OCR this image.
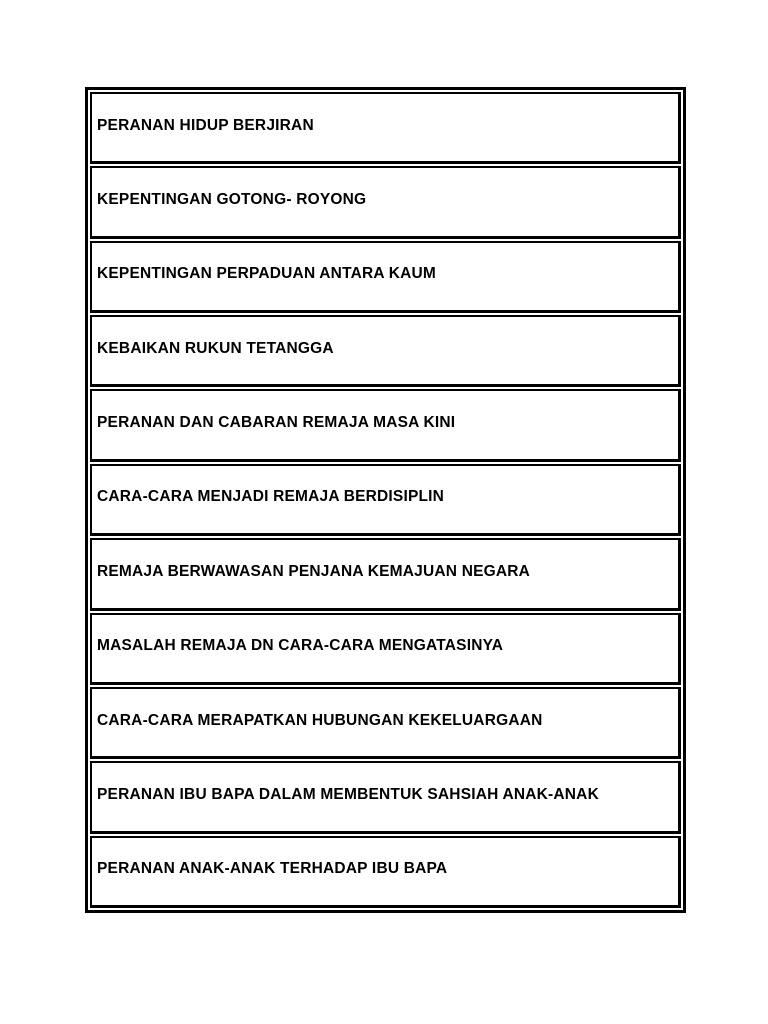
PERANAN HIDUP BERJIRAN
KEPENTINGAN GOTONG- ROYONG
KEPENTINGAN PERPADUAN ANTARA KAUM
KEBAIKAN RUKUN TETANGGA
PERANAN DAN CABARAN REMAJA MASA KINI
CARA-CARA MENJADI REMAJA BERDISIPLIN
REMAJA BERWAWASAN PENJANA KEMAJUAN NEGARA
MASALAH REMAJA DN CARA-CARA MENGATASINYA
CARA-CARA MERAPATKAN HUBUNGAN KEKELUARGAAN
PERANAN IBU BAPA DALAM MEMBENTUK SAHSIAH ANAK-ANAK
PERANAN ANAK-ANAK TERHADAP IBU BAPA
